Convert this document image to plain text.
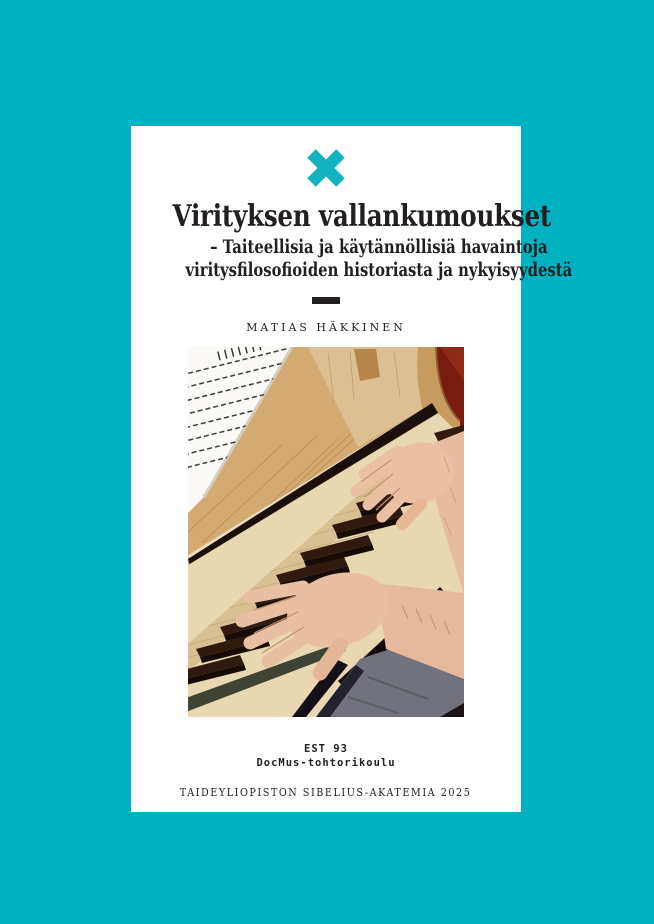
Virityksen vallankumoukset
– Taiteellisia ja käytännöllisiä havaintoja
viritysfilosofioiden historiasta ja nykyisyydestä
MATIAS HÄKKINEN
EST 93
DocMus-tohtorikoulu
TAIDEYLIOPISTON SIBELIUS-AKATEMIA 2025
